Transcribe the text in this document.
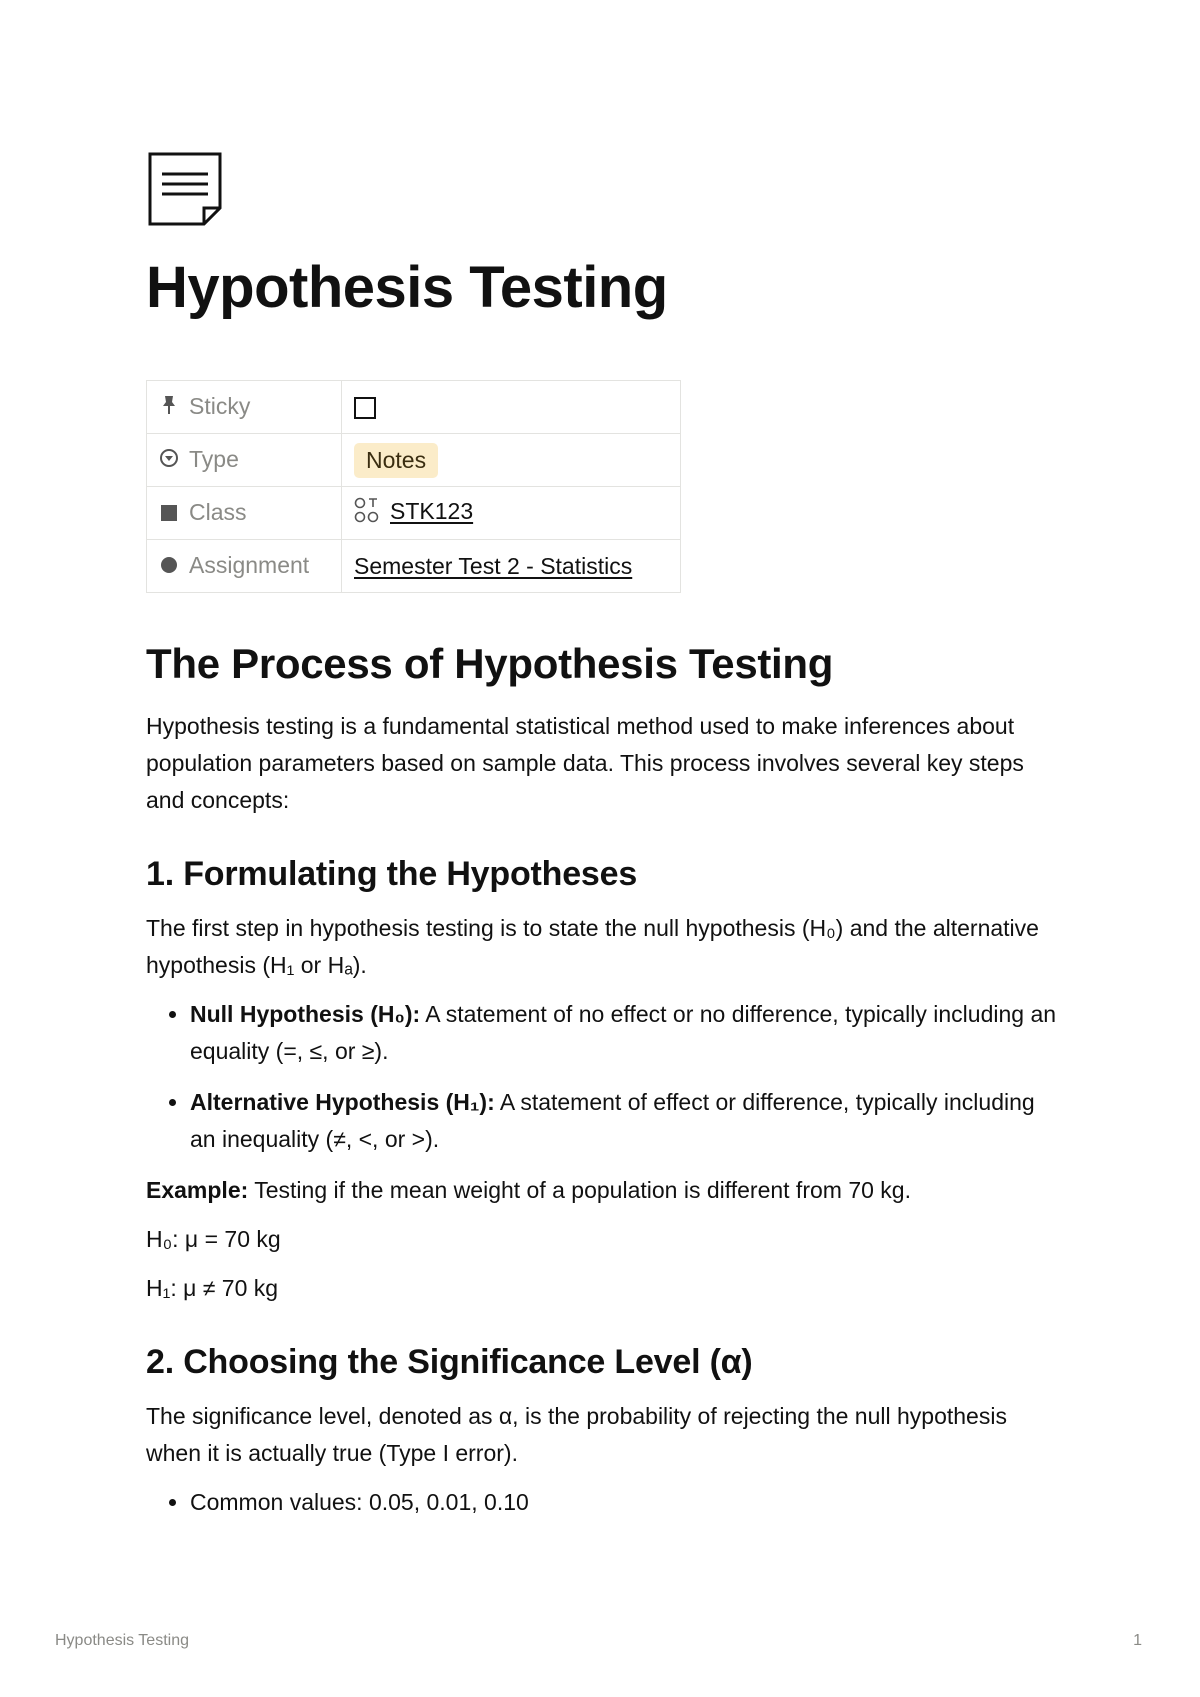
Hypothesis Testing
Sticky	
Type	Notes
Class	STK123
Assignment	Semester Test 2 - Statistics
The Process of Hypothesis Testing

Hypothesis testing is a fundamental statistical method used to make inferences about population parameters based on sample data. This process involves several key steps and concepts:

1. Formulating the Hypotheses

The first step in hypothesis testing is to state the null hypothesis (H₀) and the alternative hypothesis (H₁ or Hₐ).

• Null Hypothesis (H₀): A statement of no effect or no difference, typically including an equality (=, ≤, or ≥).
• Alternative Hypothesis (H₁): A statement of effect or difference, typically including an inequality (≠, <, or >).

Example: Testing if the mean weight of a population is different from 70 kg.

H₀: μ = 70 kg

H₁: μ ≠ 70 kg

2. Choosing the Significance Level (α)

The significance level, denoted as α, is the probability of rejecting the null hypothesis when it is actually true (Type I error).

• Common values: 0.05, 0.01, 0.10
Hypothesis Testing	1
